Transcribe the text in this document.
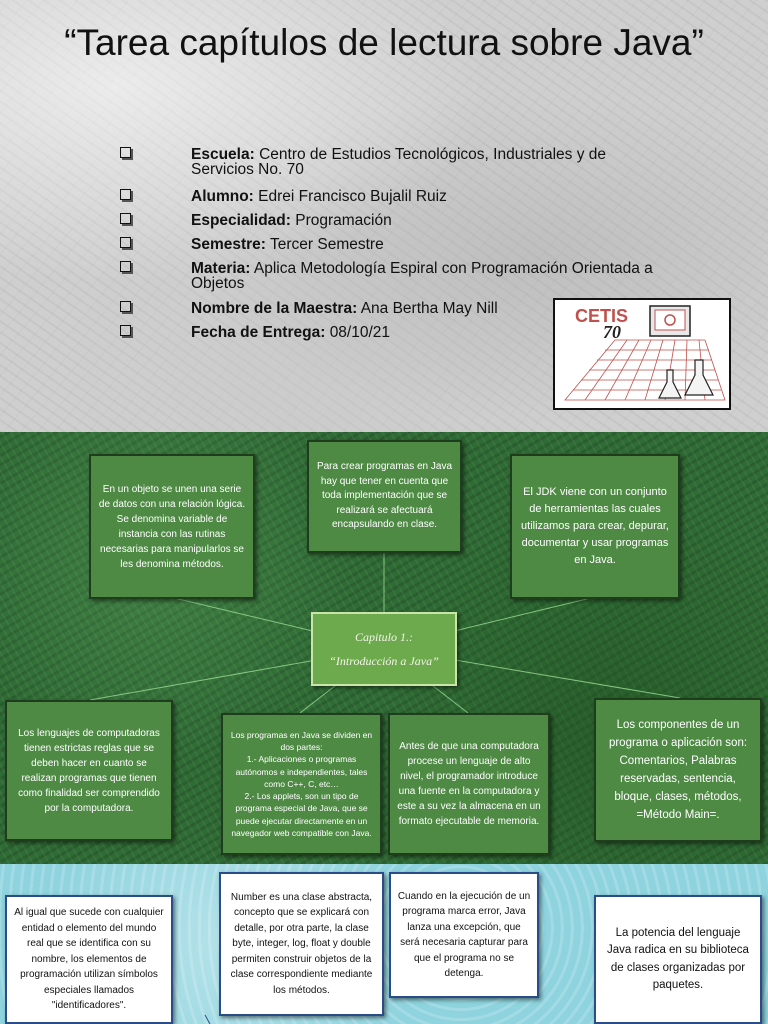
“Tarea capítulos de lectura sobre Java”
Escuela: Centro de Estudios Tecnológicos, Industriales y de Servicios No. 70
Alumno: Edrei Francisco Bujalil Ruiz
Especialidad: Programación
Semestre: Tercer Semestre
Materia: Aplica Metodología Espiral con Programación Orientada a Objetos
Nombre de la Maestra: Ana Bertha May Nill
Fecha de Entrega: 08/10/21
CETIS
70
En un objeto se unen una serie de datos con una relación lógica. Se denomina variable de instancia con las rutinas necesarias para manipularlos se les denomina métodos.
Para crear programas en Java hay que tener en cuenta que toda implementación que se realizará se afectuará encapsulando en clase.
El JDK viene con un conjunto de herramientas las cuales utilizamos para crear, depurar, documentar y usar programas en Java.
Capitulo 1.:
“Introducción a Java”
Los lenguajes de computadoras tienen estrictas reglas que se deben hacer en cuanto se realizan programas que tienen como finalidad ser comprendido por la computadora.
Los programas en Java se dividen en dos partes:
1.- Aplicaciones o programas autónomos e independientes, tales como C++, C, etc…
2.- Los applets, son un tipo de programa especial de Java, que se puede ejecutar directamente en un navegador web compatible con Java.
Antes de que una computadora procese un lenguaje de alto nivel, el programador introduce una fuente en la computadora y este a su vez la almacena en un formato ejecutable de memoria.
Los componentes de un programa o aplicación son: Comentarios, Palabras reservadas, sentencia, bloque, clases, métodos, =Método Main=.
Al igual que sucede con cualquier entidad o elemento del mundo real que se identifica con su nombre, los elementos de programación utilizan símbolos especiales llamados "identificadores".
Number es una clase abstracta, concepto que se explicará con detalle, por otra parte, la clase byte, integer, log, float y double permiten construir objetos de la clase correspondiente mediante los métodos.
Cuando en la ejecución de un programa marca error, Java lanza una excepción, que será necesaria capturar para que el programa no se detenga.
La potencia del lenguaje Java radica en su biblioteca de clases organizadas por paquetes.
